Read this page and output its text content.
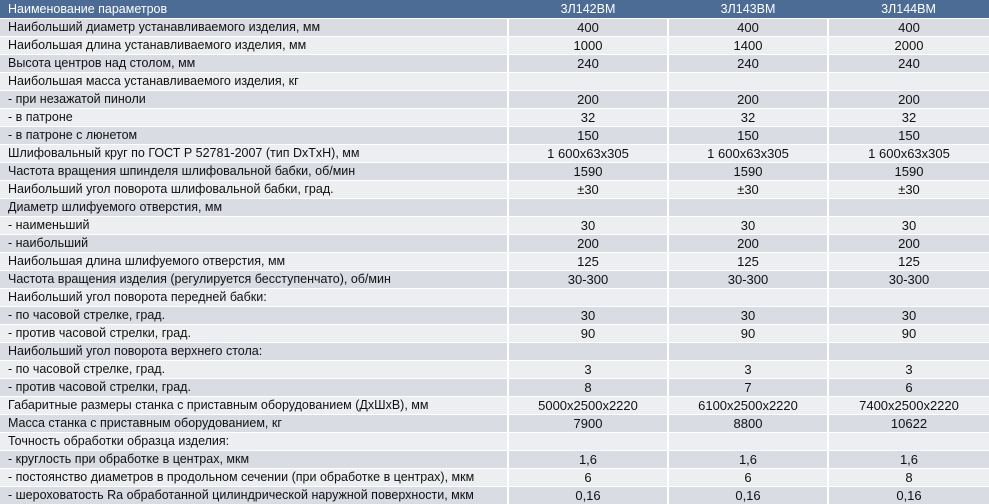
Наименование параметров	3Л142ВМ	3Л143ВМ	3Л144ВМ
Наибольший диаметр устанавливаемого изделия, мм	400	400	400
Наибольшая длина устанавливаемого изделия, мм	1000	1400	2000
Высота центров над столом, мм	240	240	240
Наибольшая масса устанавливаемого изделия, кг			
- при незажатой пиноли	200	200	200
- в патроне	32	32	32
- в патроне с люнетом	150	150	150
Шлифовальный круг по ГОСТ Р 52781-2007 (тип DxTxH), мм	1 600х63х305	1 600х63х305	1 600х63х305
Частота вращения шпинделя шлифовальной бабки, об/мин	1590	1590	1590
Наибольший угол поворота шлифовальной бабки, град.	±30	±30	±30
Диаметр шлифуемого отверстия, мм			
- наименьший	30	30	30
- наибольший	200	200	200
Наибольшая длина шлифуемого отверстия, мм	125	125	125
Частота вращения изделия (регулируется бесступенчато), об/мин	30-300	30-300	30-300
Наибольший угол поворота передней бабки:			
- по часовой стрелке, град.	30	30	30
- против часовой стрелки, град.	90	90	90
Наибольший угол поворота верхнего стола:			
- по часовой стрелке, град.	3	3	3
- против часовой стрелки, град.	8	7	6
Габаритные размеры станка с приставным оборудованием (ДхШхВ), мм	5000х2500х2220	6100х2500х2220	7400х2500х2220
Масса станка с приставным оборудованием, кг	7900	8800	10622
Точность обработки образца изделия:			
- круглость при обработке в центрах, мкм	1,6	1,6	1,6
- постоянство диаметров в продольном сечении (при обработке в центрах), мкм	6	6	8
- шероховатость Ra обработанной цилиндрической наружной поверхности, мкм	0,16	0,16	0,16
